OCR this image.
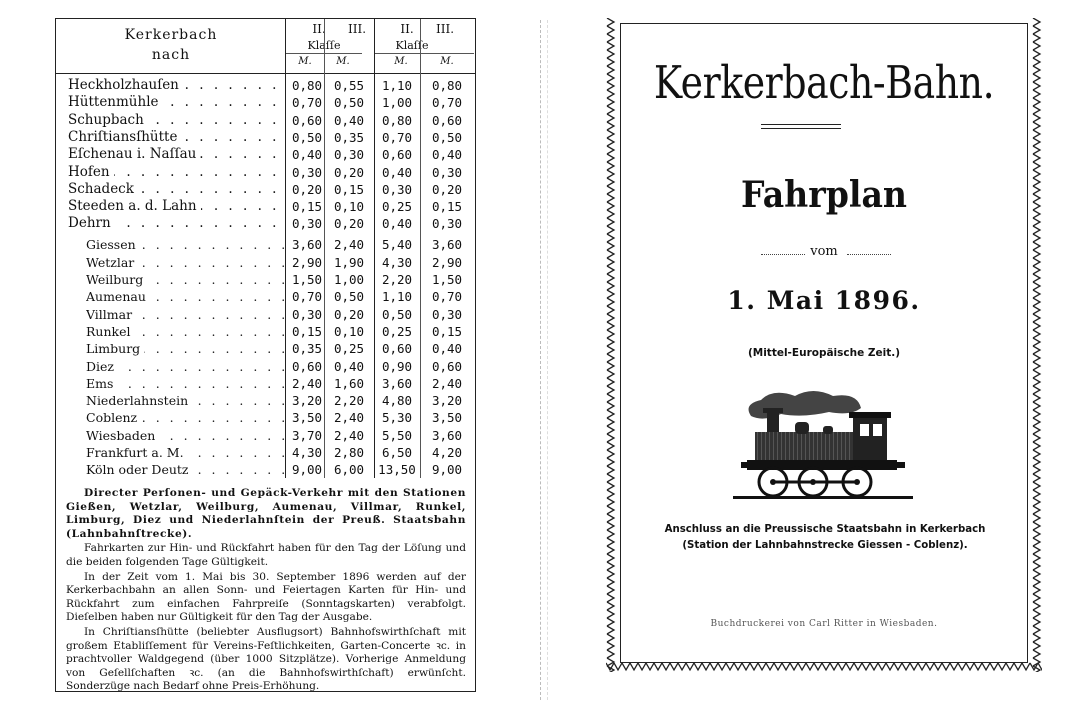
Kerkerbach
nach
II.	III.	II.	III.
Klaſſe	Klaſſe
M.	M.	M.	M.
Heckholzhauſen . . .	0,80 0,55	1,10	0,80
Hüttenmühle . . .	0,70 0,50	1,00	0,70
Schupbach . . .	0,60 0,40	0,80	0,60
Chriſtiansſhütte . . .	0,50 0,35	0,70	0,50
Eſchenau i. Naſſau . . .	0,40 0,30	0,60	0,40
Hofen . . .	0,30 0,20	0,40	0,30
Schadeck . . .	0,20 0,15	0,30	0,20
Steeden a. d. Lahn . . .	0,15 0,10	0,25	0,15
Dehrn . . .	0,30 0,20	0,40	0,30
Giessen . . .	3,60 2,40	5,40	3,60
Wetzlar . . .	2,90 1,90	4,30	2,90
Weilburg . . .	1,50 1,00	2,20	1,50
Aumenau . . .	0,70 0,50	1,10	0,70
Villmar . . .	0,30 0,20	0,50	0,30
Runkel . . .	0,15 0,10	0,25	0,15
Limburg . . .	0,35 0,25	0,60	0,40
Diez . . .	0,60 0,40	0,90	0,60
Ems . . .	2,40 1,60	3,60	2,40
Niederlahnstein . . .	3,20 2,20	4,80	3,20
Coblenz . . .	3,50 2,40	5,30	3,50
Wiesbaden . . .	3,70 2,40	5,50	3,60
Frankfurt a. M. . . .	4,30 2,80	6,50	4,20
Köln oder Deutz . . .	9,00 6,00	13,50	9,00

Directer Perſonen- und Gepäck-Verkehr mit den Stationen Gießen, Wetzlar, Weilburg, Aumenau, Villmar, Runkel, Limburg, Diez und Niederlahnſtein der Preuß. Staatsbahn (Lahnbahnſtrecke).

Fahrkarten zur Hin- und Rückfahrt haben für den Tag der Löſung und die beiden folgenden Tage Gültigkeit.

In der Zeit vom 1. Mai bis 30. September 1896 werden auf der Kerkerbachbahn an allen Sonn- und Feiertagen Karten für Hin- und Rückfahrt zum einfachen Fahrpreiſe (Sonntagskarten) verabfolgt. Dieſelben haben nur Gültigkeit für den Tag der Ausgabe.

In Chriſtiansſhütte (beliebter Ausflugsort) Bahnhofswirthſchaft mit großem Etabliſſement für Vereins-Feſtlichkeiten, Garten-Concerte ꝛc. in prachtvoller Waldgegend (über 1000 Sitzplätze). Vorherige Anmeldung von Geſellſchaften ꝛc. (an die Bahnhofswirthſchaft) erwünſcht. Sonderzüge nach Bedarf ohne Preis-Erhöhung.

Kerkerbach-Bahn.
Fahrplan
vom
1. Mai 1896.
(Mittel-Europäische Zeit.)
Anschluss an die Preussische Staatsbahn in Kerkerbach
(Station der Lahnbahnstrecke Giessen - Coblenz).
Buchdruckerei von Carl Ritter in Wiesbaden.
